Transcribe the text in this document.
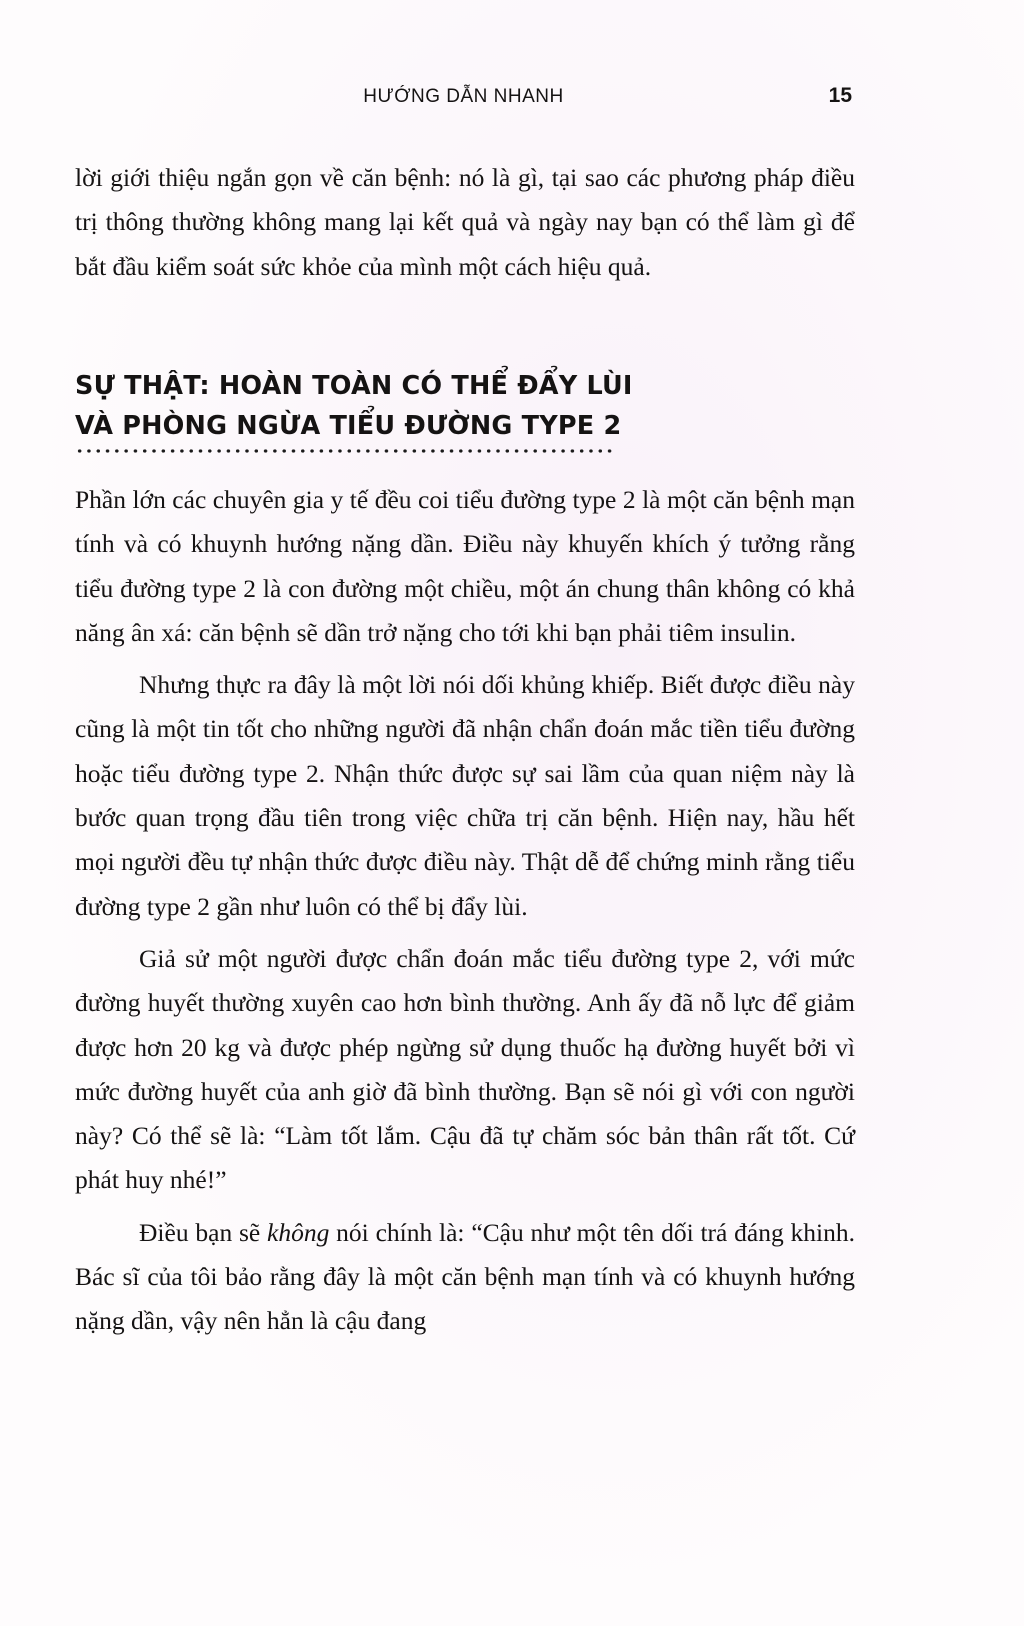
HƯỚNG DẪN NHANH	15

lời giới thiệu ngắn gọn về căn bệnh: nó là gì, tại sao các phương pháp điều trị thông thường không mang lại kết quả và ngày nay bạn có thể làm gì để bắt đầu kiểm soát sức khỏe của mình một cách hiệu quả.

SỰ THẬT: HOÀN TOÀN CÓ THỂ ĐẨY LÙI
VÀ PHÒNG NGỪA TIỂU ĐƯỜNG TYPE 2

Phần lớn các chuyên gia y tế đều coi tiểu đường type 2 là một căn bệnh mạn tính và có khuynh hướng nặng dần. Điều này khuyến khích ý tưởng rằng tiểu đường type 2 là con đường một chiều, một án chung thân không có khả năng ân xá: căn bệnh sẽ dần trở nặng cho tới khi bạn phải tiêm insulin.

Nhưng thực ra đây là một lời nói dối khủng khiếp. Biết được điều này cũng là một tin tốt cho những người đã nhận chẩn đoán mắc tiền tiểu đường hoặc tiểu đường type 2. Nhận thức được sự sai lầm của quan niệm này là bước quan trọng đầu tiên trong việc chữa trị căn bệnh. Hiện nay, hầu hết mọi người đều tự nhận thức được điều này. Thật dễ để chứng minh rằng tiểu đường type 2 gần như luôn có thể bị đẩy lùi.

Giả sử một người được chẩn đoán mắc tiểu đường type 2, với mức đường huyết thường xuyên cao hơn bình thường. Anh ấy đã nỗ lực để giảm được hơn 20 kg và được phép ngừng sử dụng thuốc hạ đường huyết bởi vì mức đường huyết của anh giờ đã bình thường. Bạn sẽ nói gì với con người này? Có thể sẽ là: “Làm tốt lắm. Cậu đã tự chăm sóc bản thân rất tốt. Cứ phát huy nhé!”

Điều bạn sẽ không nói chính là: “Cậu như một tên dối trá đáng khinh. Bác sĩ của tôi bảo rằng đây là một căn bệnh mạn tính và có khuynh hướng nặng dần, vậy nên hẳn là cậu đang
